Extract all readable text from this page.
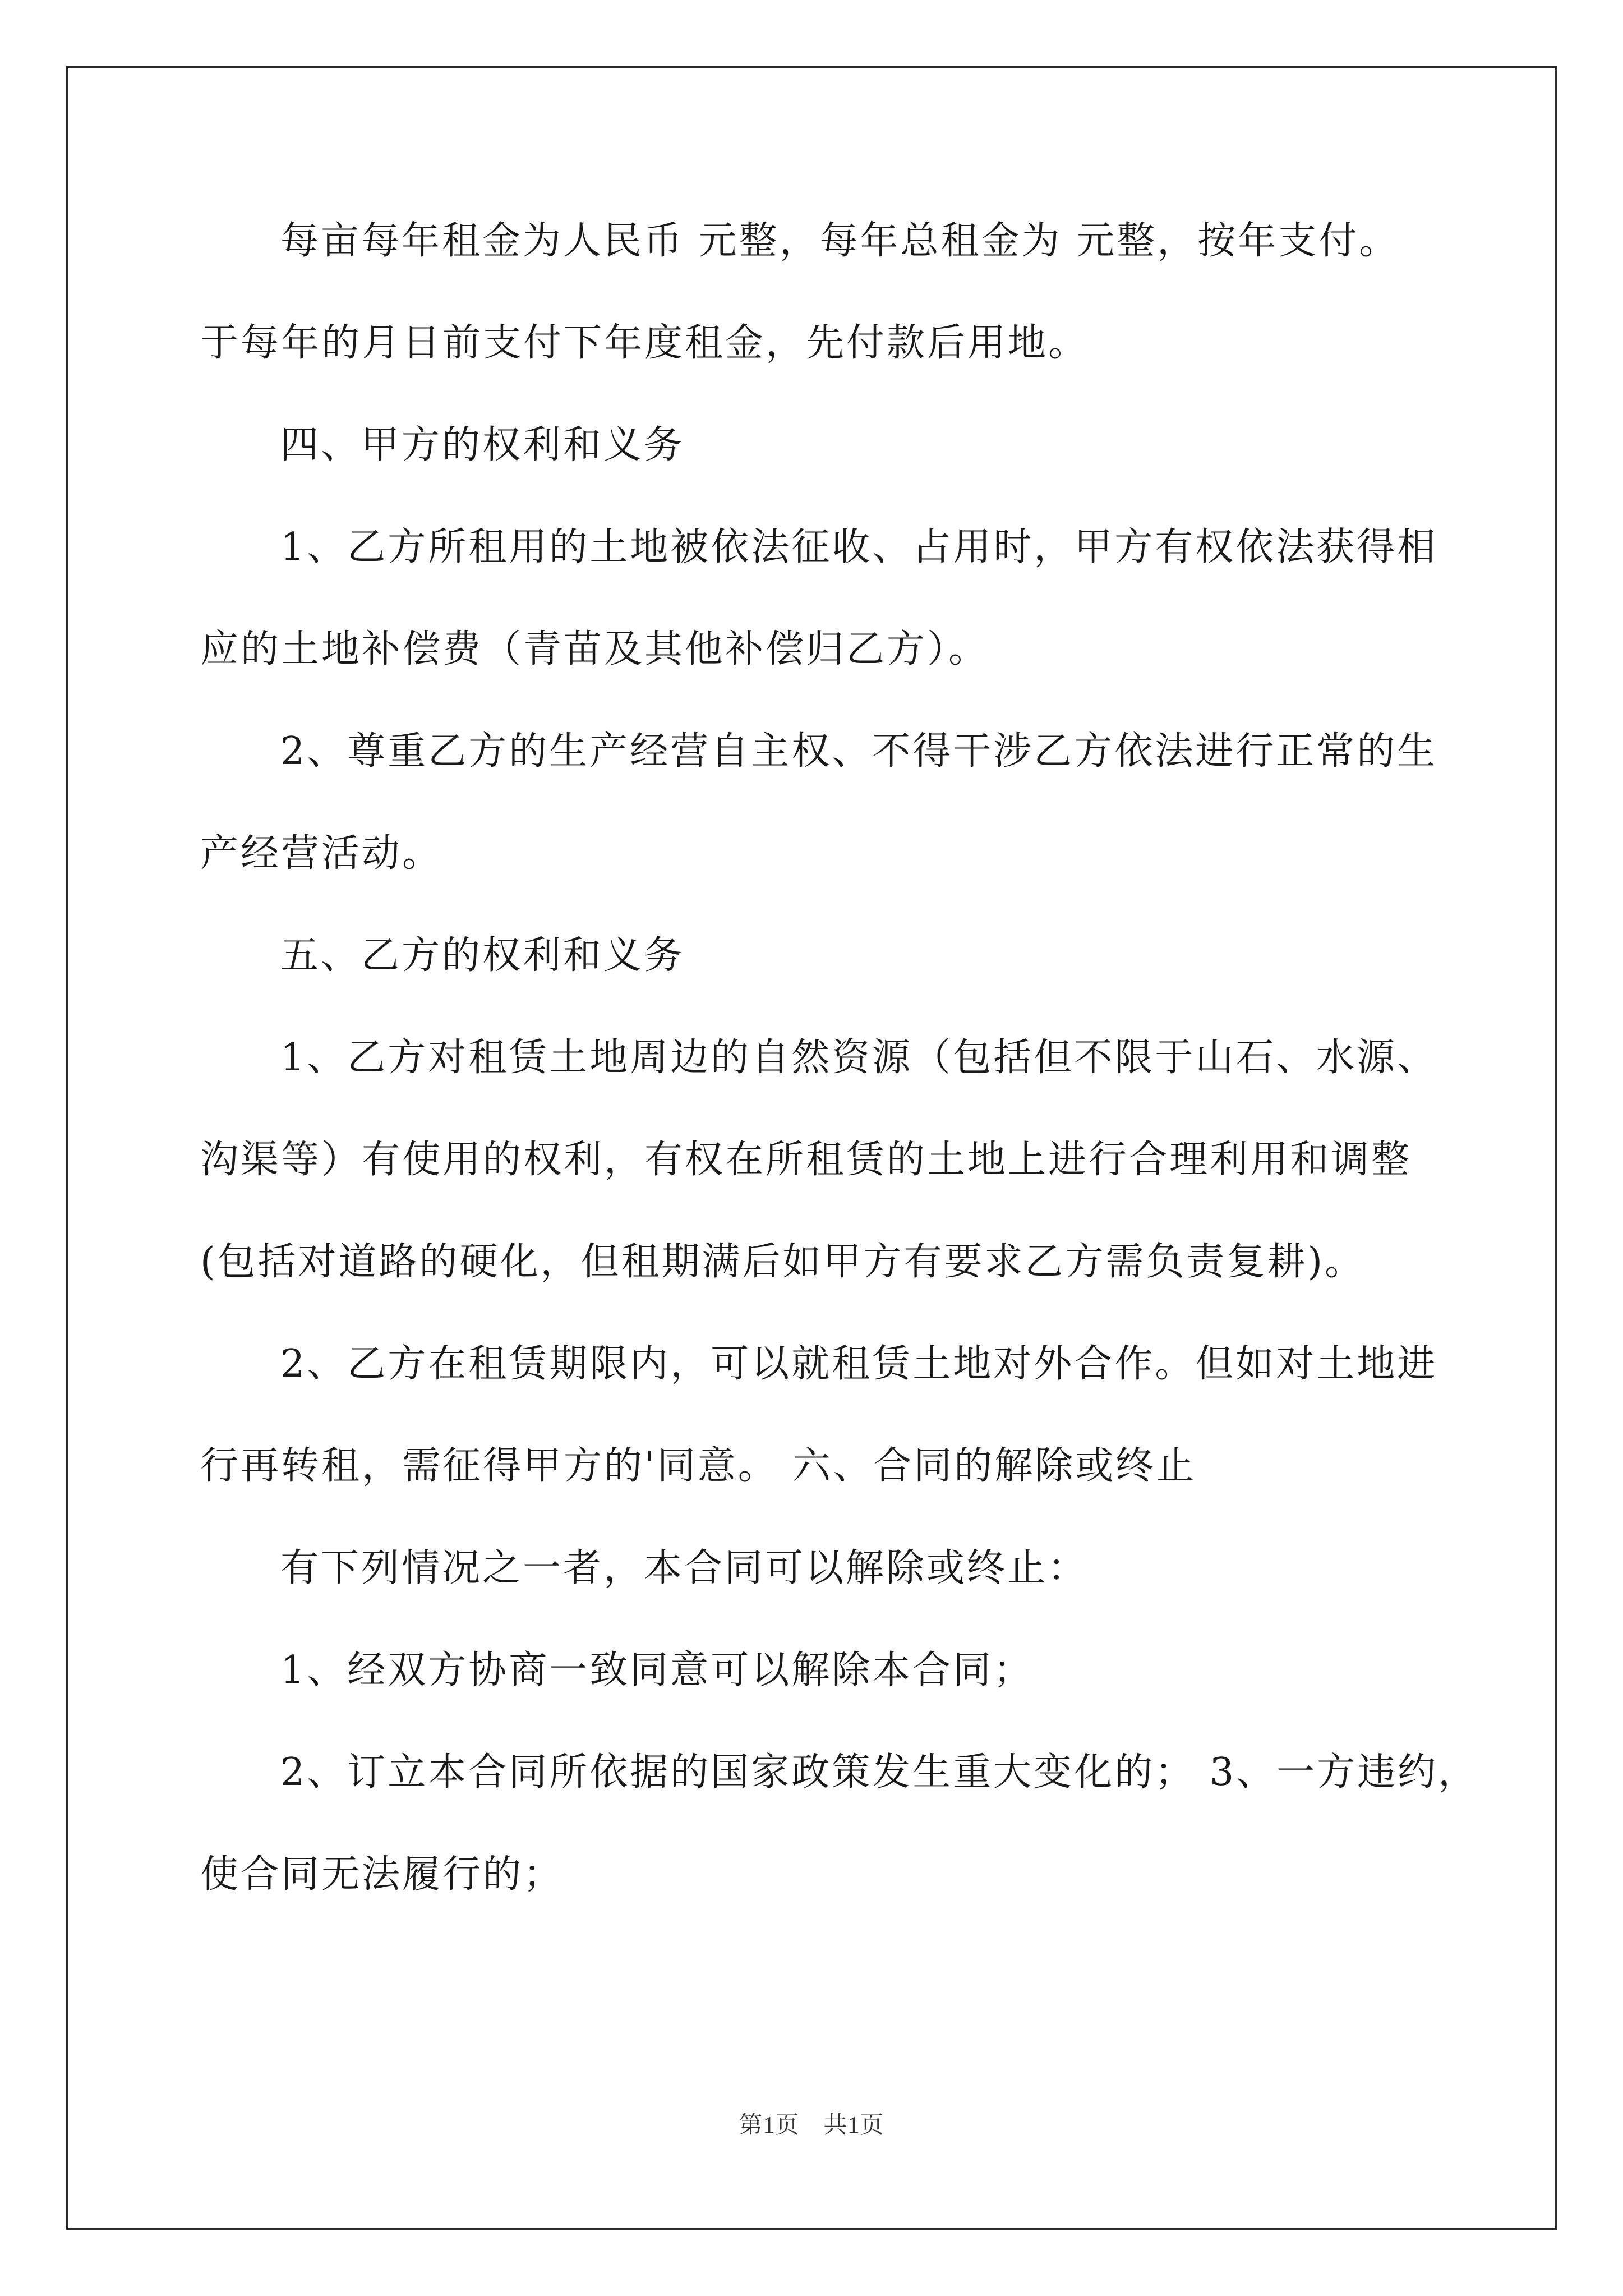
每亩每年租金为人民币 元整，每年总租金为 元整，按年支付。
于每年的月日前支付下年度租金，先付款后用地。
四、甲方的权利和义务
1、乙方所租用的土地被依法征收、占用时，甲方有权依法获得相
应的土地补偿费（青苗及其他补偿归乙方）。
2、尊重乙方的生产经营自主权、不得干涉乙方依法进行正常的生
产经营活动。
五、乙方的权利和义务
1、乙方对租赁土地周边的自然资源（包括但不限于山石、水源、
沟渠等）有使用的权利，有权在所租赁的土地上进行合理利用和调整
(包括对道路的硬化，但租期满后如甲方有要求乙方需负责复耕)。
2、乙方在租赁期限内，可以就租赁土地对外合作。但如对土地进
行再转租，需征得甲方的'同意。 六、合同的解除或终止
有下列情况之一者，本合同可以解除或终止：
1、经双方协商一致同意可以解除本合同；
2、订立本合同所依据的国家政策发生重大变化的； 3、一方违约，
使合同无法履行的；
第1页　共1页
